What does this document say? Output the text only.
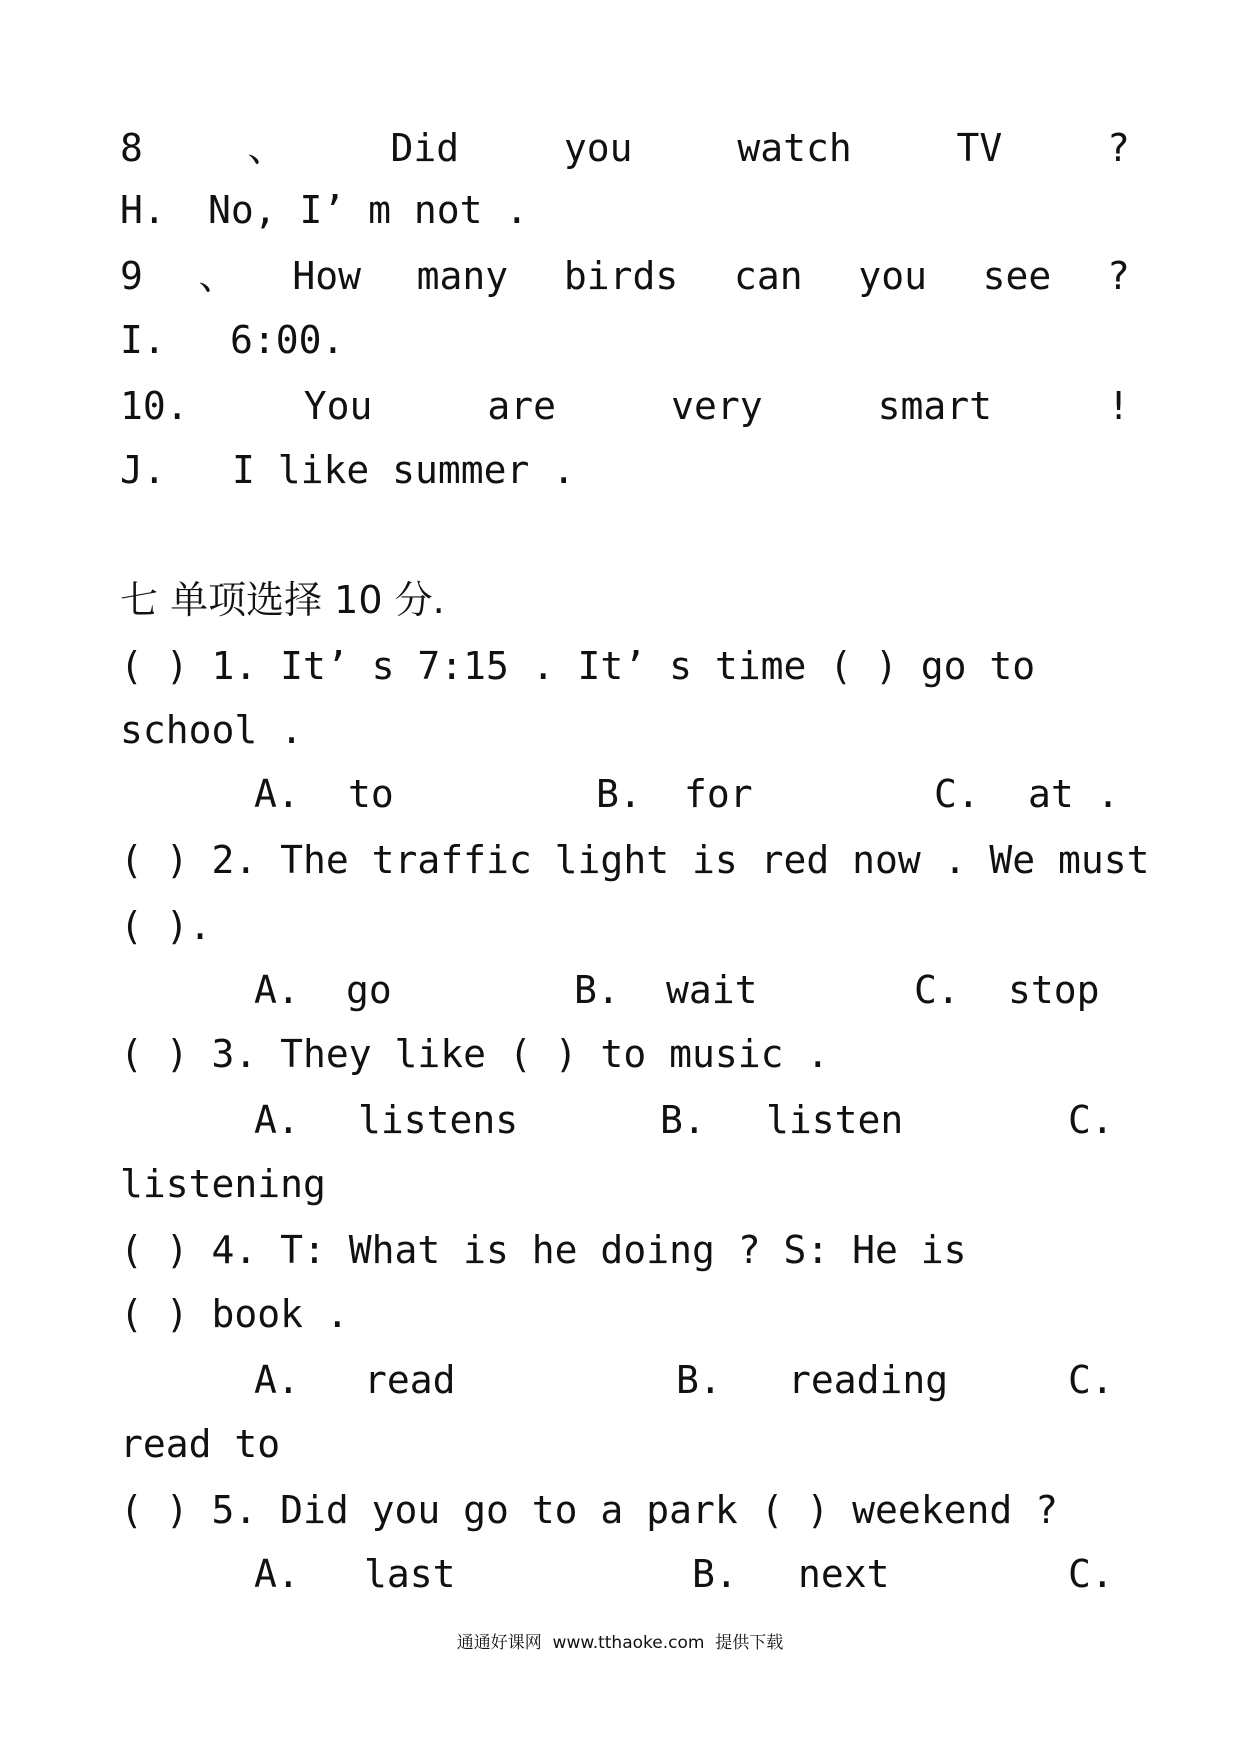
8	、	Did	you	watch	TV	?
H. No, I’ m not .
9 、 How many birds can you see ?
I. 6:00.
10.	You	are	very	smart	!
J. I like summer .
七 单项选择 10 分.
( ) 1. It’ s 7:15 . It’ s time ( ) go to
school .
A. to	B. for	C. at .
( ) 2. The traffic light is red now . We must
( ).
A. go	B. wait	C. stop
( ) 3. They like ( ) to music .
A. listens	B. listen	C.
listening
( ) 4. T: What is he doing ? S: He is
( ) book .
A. read	B. reading	C.
read to
( ) 5. Did you go to a park ( ) weekend ?
A. last	B. next	C.
通通好课网  www.tthaoke.com  提供下载
